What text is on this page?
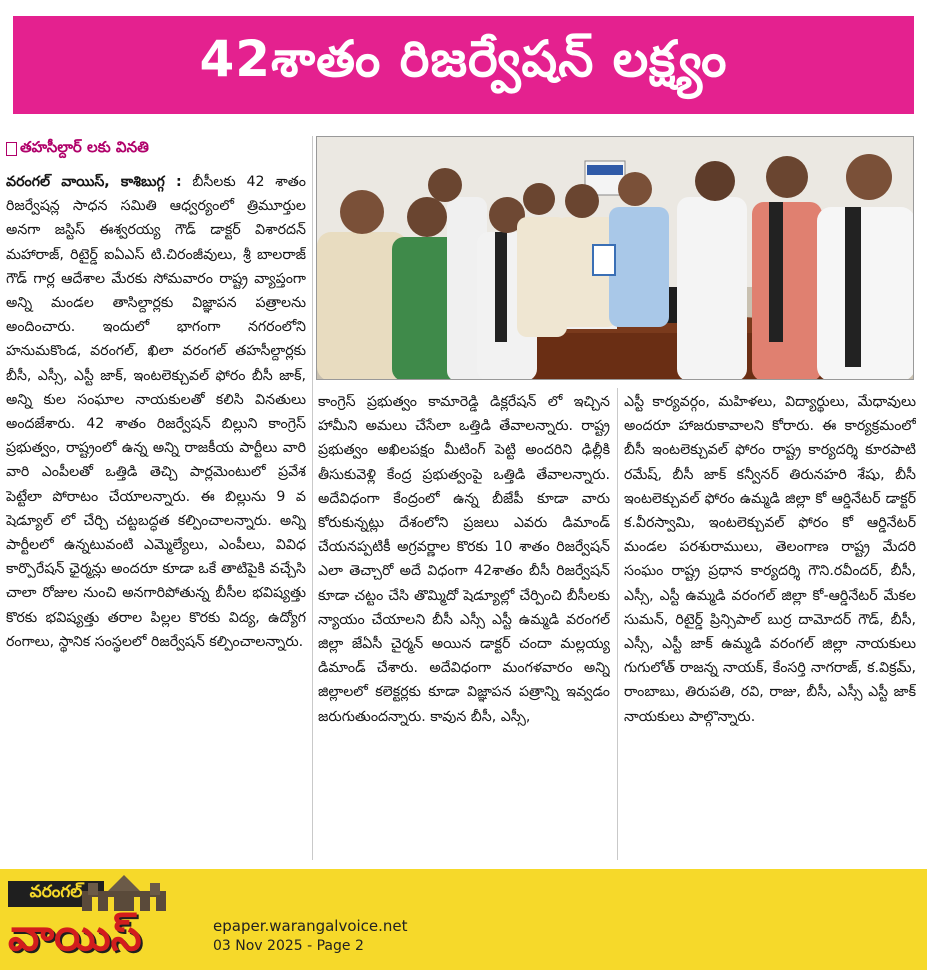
42శాతం రిజర్వేషన్ లక్ష్యం
తహసీల్దార్ లకు వినతి
వరంగల్ వాయిస్, కాశిబుగ్గ : బీసీలకు 42 శాతం రిజర్వేషన్ల సాధన సమితి ఆధ్వర్యంలో త్రిమూర్తుల అనగా జస్టిస్ ఈశ్వరయ్య గౌడ్ డాక్టర్ విశారదన్ మహారాజ్, రిటైర్డ్ ఐఏఎస్ టి.చిరంజీవులు, శ్రీ బాలరాజ్ గౌడ్ గార్ల ఆదేశాల మేరకు సోమవారం రాష్ట్ర వ్యాప్తంగా అన్ని మండల తాసిల్దార్లకు విజ్ఞాపన పత్రాలను అందించారు. ఇందులో భాగంగా నగరంలోని హనుమకొండ, వరంగల్, ఖిలా వరంగల్ తహసీల్దార్లకు బీసీ, ఎస్సీ, ఎస్టీ జాక్, ఇంటలెక్చువల్ ఫోరం బీసీ జాక్, అన్ని కుల సంఘాల నాయకులతో కలిసి వినతులు అందజేశారు. 42 శాతం రిజర్వేషన్ బిల్లుని కాంగ్రెస్ ప్రభుత్వం, రాష్ట్రంలో ఉన్న అన్ని రాజకీయ పార్టీలు వారి వారి ఎంపీలతో ఒత్తిడి తెచ్చి పార్లమెంటులో ప్రవేశ పెట్టేలా పోరాటం చేయాలన్నారు. ఈ బిల్లును 9 వ షెడ్యూల్ లో చేర్చి చట్టబద్ధత కల్పించాలన్నారు. అన్ని పార్టీలలో ఉన్నటువంటి ఎమ్మెల్యేలు, ఎంపీలు, వివిధ కార్పొరేషన్ ఛైర్మన్లు అందరూ కూడా ఒకే తాటిపైకి వచ్చేసి చాలా రోజుల నుంచి అనగారిపోతున్న బీసీల భవిష్యత్తు కొరకు భవిష్యత్తు తరాల పిల్లల కొరకు విద్య, ఉద్యోగ రంగాలు, స్థానిక సంస్థలలో రిజర్వేషన్ కల్పించాలన్నారు.
కాంగ్రెస్ ప్రభుత్వం కామారెడ్డి డిక్లరేషన్ లో ఇచ్చిన హామీని అమలు చేసేలా ఒత్తిడి తేవాలన్నారు. రాష్ట్ర ప్రభుత్వం అఖిలపక్షం మీటింగ్ పెట్టి అందరిని ఢిల్లీకి తీసుకువెళ్లి కేంద్ర ప్రభుత్వంపై ఒత్తిడి తేవాలన్నారు. అదేవిధంగా కేంద్రంలో ఉన్న బీజేపీ కూడా వారు కోరుకున్నట్లు దేశంలోని ప్రజలు ఎవరు డిమాండ్ చేయనప్పటికీ అగ్రవర్ణాల కొరకు 10 శాతం రిజర్వేషన్ ఎలా తెచ్చారో అదే విధంగా 42శాతం బీసీ రిజర్వేషన్ కూడా చట్టం చేసి తొమ్మిదో షెడ్యూల్లో చేర్పించి బీసీలకు న్యాయం చేయాలని బీసీ ఎస్సీ ఎస్టీ ఉమ్మడి వరంగల్ జిల్లా జేఏసీ చైర్మన్ అయిన డాక్టర్ చందా మల్లయ్య డిమాండ్ చేశారు. అదేవిధంగా మంగళవారం అన్ని జిల్లాలలో కలెక్టర్లకు కూడా విజ్ఞాపన పత్రాన్ని ఇవ్వడం జరుగుతుందన్నారు. కావున బీసీ, ఎస్సీ,
ఎస్టీ కార్యవర్గం, మహిళలు, విద్యార్థులు, మేధావులు అందరూ హాజరుకావాలని కోరారు. ఈ కార్యక్రమంలో బీసీ ఇంటలెక్చువల్ ఫోరం రాష్ట్ర కార్యదర్శి కూరపాటి రమేష్, బీసీ జాక్ కన్వీనర్ తిరునహరి శేషు, బీసీ ఇంటలెక్చువల్ ఫోరం ఉమ్మడి జిల్లా కో ఆర్డినేటర్ డాక్టర్ క.వీరస్వామి, ఇంటలెక్చువల్ ఫోరం కో ఆర్డినేటర్ మండల పరశురాములు, తెలంగాణ రాష్ట్ర మేదరి సంఘం రాష్ట్ర ప్రధాన కార్యదర్శి గౌని.రవీందర్, బీసీ, ఎస్సీ, ఎస్టీ ఉమ్మడి వరంగల్ జిల్లా కో-ఆర్డినేటర్ మేకల సుమన్, రిటైర్డ్ ప్రిన్సిపాల్ బుర్ర దామోదర్ గౌడ్, బీసీ, ఎస్సీ, ఎస్టీ జాక్ ఉమ్మడి వరంగల్ జిల్లా నాయకులు గుగులోత్ రాజన్న నాయక్, కేంసర్తి నాగరాజ్, క.విక్రమ్, రాంబాబు, తిరుపతి, రవి, రాజు, బీసీ, ఎస్సీ ఎస్టీ జాక్ నాయకులు పాల్గొన్నారు.
వరంగల్
వాయిస్	epaper.warangalvoice.net
03 Nov 2025 - Page 2
